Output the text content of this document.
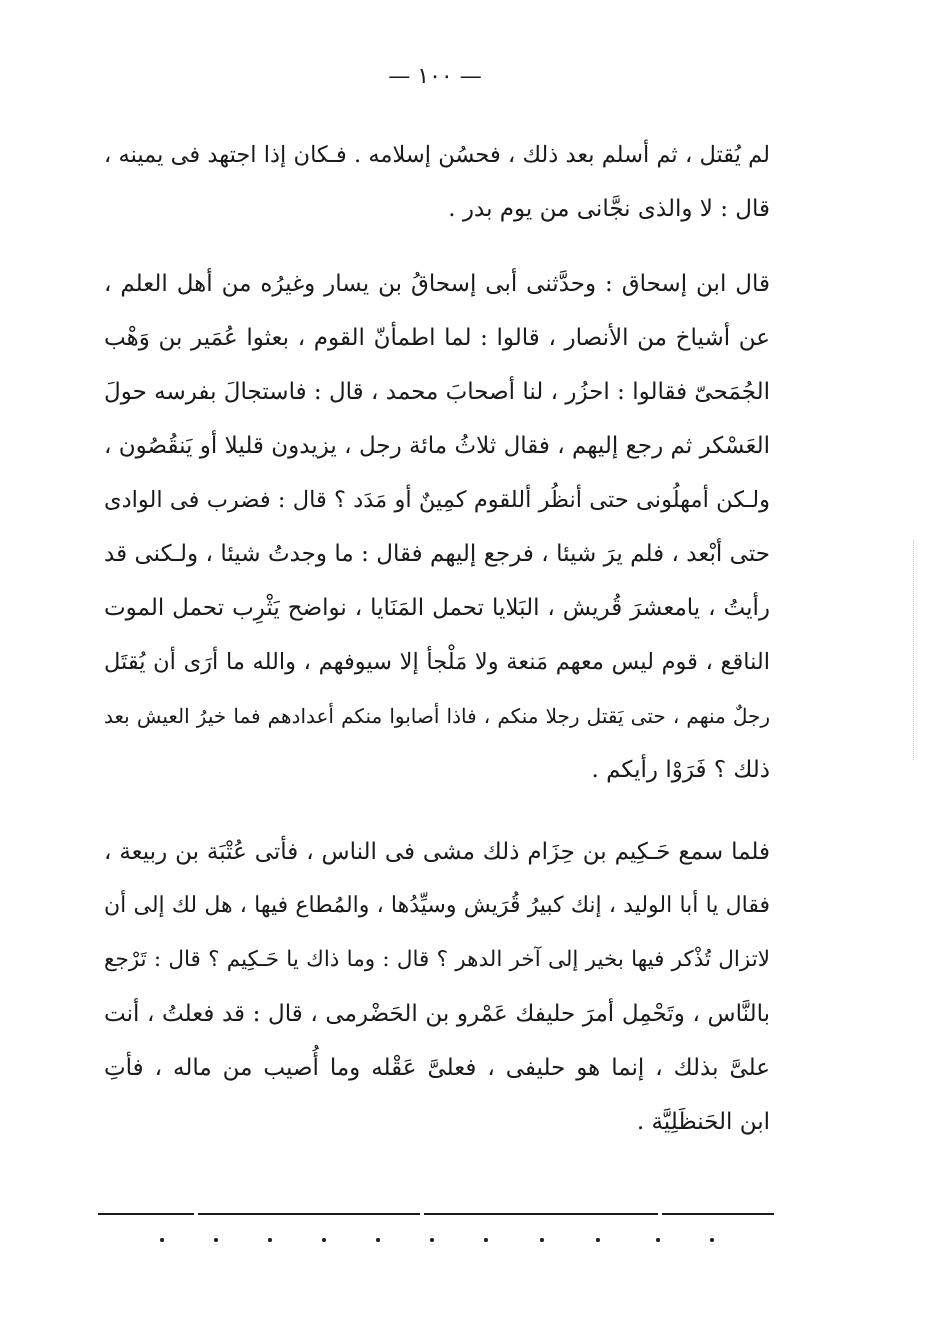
— ١٠٠ —
لم يُقتل ، ثم أسلم بعد ذلك ، فحسُن إسلامه . فـكان إذا اجتهد فى يمينه ،
قال : لا والذى نجَّانى من يوم بدر .
قال ابن إسحاق : وحدَّثنى أبى إسحاقُ بن يسار وغيرُه من أهل العلم ،
عن أشياخ من الأنصار ، قالوا : لما اطمأنّ القوم ، بعثوا عُمَير بن وَهْب
الجُمَحىّ فقالوا : احزُر ، لنا أصحابَ محمد ، قال : فاستجالَ بفرسه حولَ
العَسْكر ثم رجع إليهم ، فقال ثلاثُ مائة رجل ، يزيدون قليلا أو يَنقُصُون ،
ولـكن أمهلُونى حتى أنظُر أللقوم كمِينٌ أو مَدَد ؟ قال : فضرب فى الوادى
حتى أبْعد ، فلم يرَ شيئا ، فرجع إليهم فقال : ما وجدتُ شيئا ، ولـكنى قد
رأيتُ ، يامعشرَ قُريش ، البَلايا تحمل المَنَايا ، نواضح يَثْرِب تحمل الموت
الناقع ، قوم ليس معهم مَنعة ولا مَلْجأ إلا سيوفهم ، والله ما أرَى أن يُقتَل
رجلٌ منهم ، حتى يَقتل رجلا منكم ، فاذا أصابوا منكم أعدادهم فما خيرُ العيش بعد
ذلك ؟ فَرَوْا رأيكم .
فلما سمع حَـكِيم بن حِزَام ذلك مشى فى الناس ، فأتى عُتْبَة بن ربيعة ،
فقال يا أبا الوليد ، إنك كبيرُ قُرَيش وسيِّدُها ، والمُطاع فيها ، هل لك إلى أن
لاتزال تُذْكر فيها بخير إلى آخر الدهر ؟ قال : وما ذاك يا حَـكِيم ؟ قال : تَرْجع
بالنَّاس ، وتَحْمِل أمرَ حليفك عَمْرو بن الحَضْرمى ، قال : قد فعلتُ ، أنت
علىَّ بذلك ، إنما هو حليفى ، فعلىَّ عَقْله وما أُصيب من ماله ، فأتِ
ابن الحَنظَلِيَّة .
